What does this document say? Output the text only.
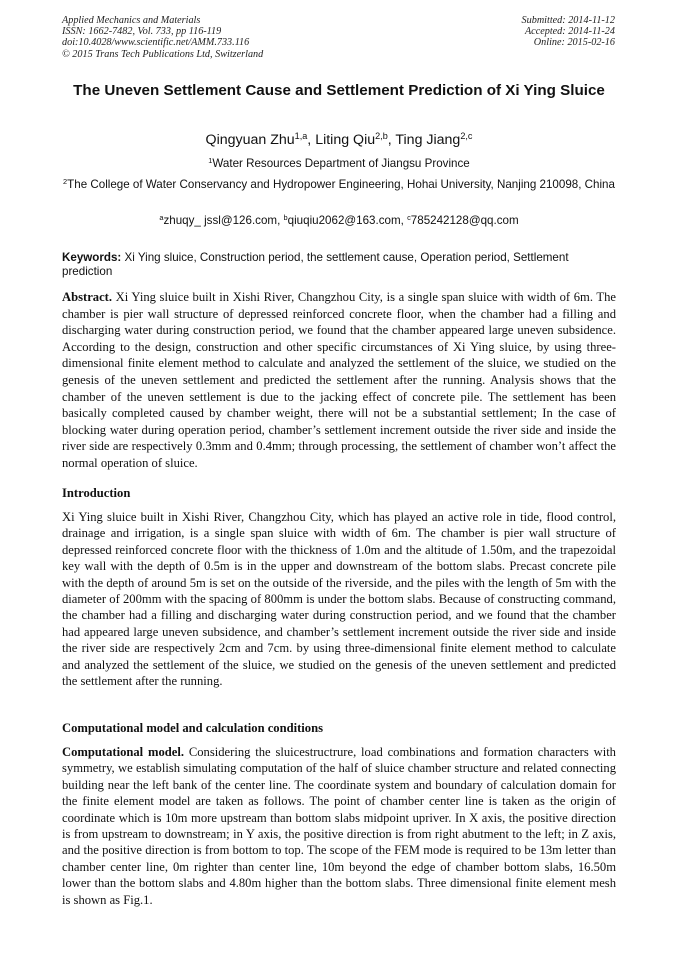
Applied Mechanics and Materials
ISSN: 1662-7482, Vol. 733, pp 116-119
doi:10.4028/www.scientific.net/AMM.733.116
© 2015 Trans Tech Publications Ltd, Switzerland
Submitted: 2014-11-12
Accepted: 2014-11-24
Online: 2015-02-16
The Uneven Settlement Cause and Settlement Prediction of Xi Ying Sluice
Qingyuan Zhu$^{1,a}$, Liting Qiu$^{2,b}$, Ting Jiang$^{2,c}$
$^1$Water Resources Department of Jiangsu Province
$^2$The College of Water Conservancy and Hydropower Engineering, Hohai University, Nanjing 210098, China
$^a$zhuqy_ jssl@126.com, $^b$qiuqiu2062@163.com, $^c$785242128@qq.com
Keywords: Xi Ying sluice, Construction period, the settlement cause, Operation period, Settlement prediction

Abstract. Xi Ying sluice built in Xishi River, Changzhou City, is a single span sluice with width of 6m. The chamber is pier wall structure of depressed reinforced concrete floor, when the chamber had a filling and discharging water during construction period, we found that the chamber appeared large uneven subsidence. According to the design, construction and other specific circumstances of Xi Ying sluice, by using three-dimensional finite element method to calculate and analyzed the settlement of the sluice, we studied on the genesis of the uneven settlement and predicted the settlement after the running. Analysis shows that the chamber of the uneven settlement is due to the jacking effect of concrete pile. The settlement has been basically completed caused by chamber weight, there will not be a substantial settlement; In the case of blocking water during operation period, chamber’s settlement increment outside the river side and inside the river side are respectively 0.3mm and 0.4mm; through processing, the settlement of chamber won’t affect the normal operation of sluice.

Introduction

Xi Ying sluice built in Xishi River, Changzhou City, which has played an active role in tide, flood control, drainage and irrigation, is a single span sluice with width of 6m. The chamber is pier wall structure of depressed reinforced concrete floor with the thickness of 1.0m and the altitude of 1.50m, and the trapezoidal key wall with the depth of 0.5m is in the upper and downstream of the bottom slabs. Precast concrete pile with the depth of around 5m is set on the outside of the riverside, and the piles with the length of 5m with the diameter of 200mm with the spacing of 800mm is under the bottom slabs. Because of constructing command, the chamber had a filling and discharging water during construction period, and we found that the chamber had appeared large uneven subsidence, and chamber’s settlement increment outside the river side and inside the river side are respectively 2cm and 7cm. by using three-dimensional finite element method to calculate and analyzed the settlement of the sluice, we studied on the genesis of the uneven settlement and predicted the settlement after the running.

Computational model and calculation conditions

Computational model. Considering the sluicestructrure, load combinations and formation characters with symmetry, we establish simulating computation of the half of sluice chamber structure and related connecting building near the left bank of the center line. The coordinate system and boundary of calculation domain for the finite element model are taken as follows. The point of chamber center line is taken as the origin of coordinate which is 10m more upstream than bottom slabs midpoint upriver. In X axis, the positive direction is from upstream to downstream; in Y axis, the positive direction is from right abutment to the left; in Z axis, and the positive direction is from bottom to top. The scope of the FEM mode is required to be 13m letter than chamber center line, 0m righter than center line, 10m beyond the edge of chamber bottom slabs, 16.50m lower than the bottom slabs and 4.80m higher than the bottom slabs. Three dimensional finite element mesh is shown as Fig.1.
